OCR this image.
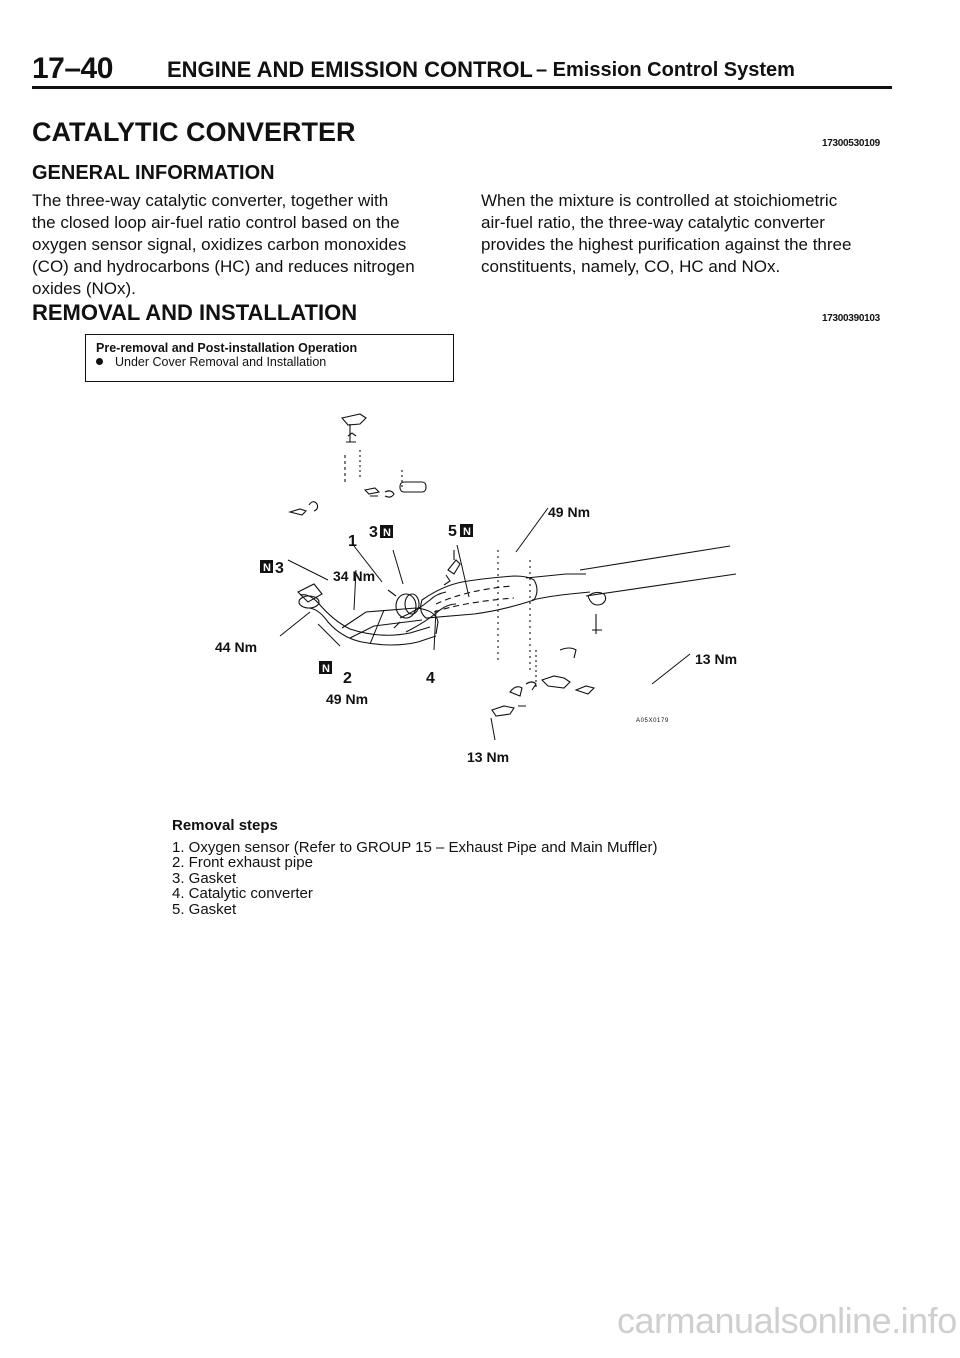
17–40 ENGINE AND EMISSION CONTROL – Emission Control System
CATALYTIC CONVERTER	17300530109
GENERAL INFORMATION
The three-way catalytic converter, together with
the closed loop air-fuel ratio control based on the
oxygen sensor signal, oxidizes carbon monoxides
(CO) and hydrocarbons (HC) and reduces nitrogen
oxides (NOx).
When the mixture is controlled at stoichiometric
air-fuel ratio, the three-way catalytic converter
provides the highest purification against the three
constituents, namely, CO, HC and NOx.
REMOVAL AND INSTALLATION	17300390103
Pre-removal and Post-installation Operation
Under Cover Removal and Installation
N
N	N
N
3
1
3	5
2	4
49 Nm
34 Nm
44 Nm
49 Nm
13 Nm
13 Nm
A05X0179
Removal steps
1. Oxygen sensor (Refer to GROUP 15 – Exhaust Pipe and Main Muffler)
2. Front exhaust pipe
3. Gasket
4. Catalytic converter
5. Gasket
carmanualsonline.info
